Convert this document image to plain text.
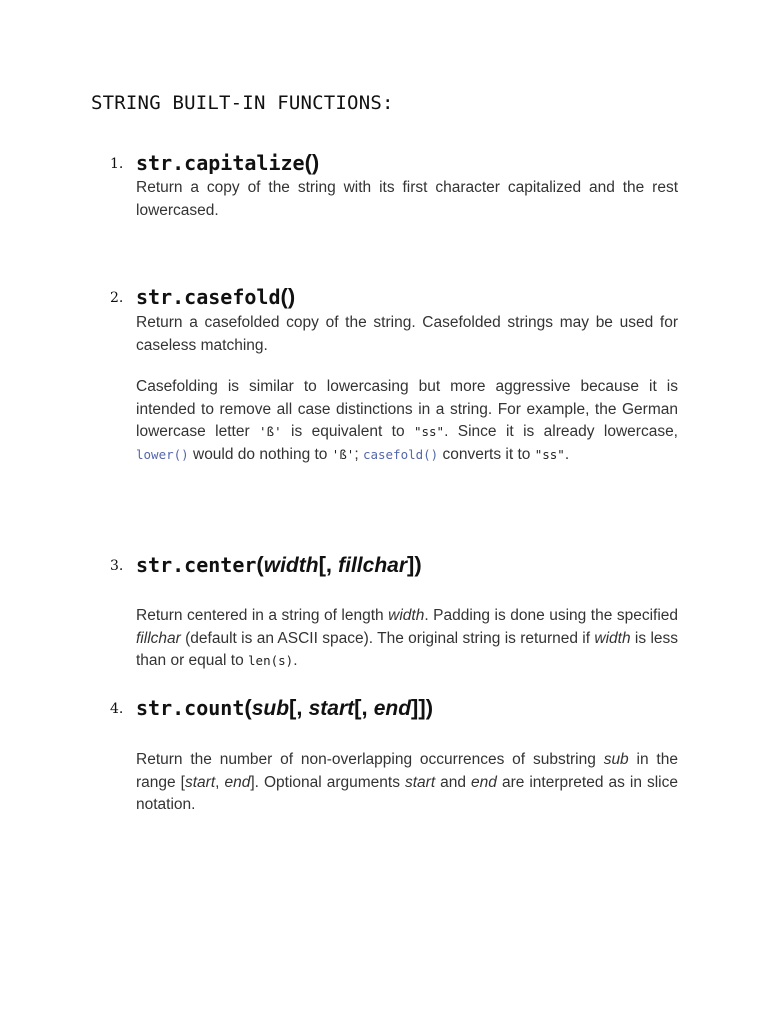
STRING BUILT-IN FUNCTIONS:
1. str.capitalize()
Return a copy of the string with its first character capitalized and the rest lowercased.
2. str.casefold()
Return a casefolded copy of the string. Casefolded strings may be used for caseless matching.
Casefolding is similar to lowercasing but more aggressive because it is intended to remove all case distinctions in a string. For example, the German lowercase letter 'ß' is equivalent to "ss". Since it is already lowercase, lower() would do nothing to 'ß'; casefold() converts it to "ss".
3. str.center(width[, fillchar])
Return centered in a string of length width. Padding is done using the specified fillchar (default is an ASCII space). The original string is returned if width is less than or equal to len(s).
4. str.count(sub[, start[, end]])
Return the number of non-overlapping occurrences of substring sub in the range [start, end]. Optional arguments start and end are interpreted as in slice notation.
